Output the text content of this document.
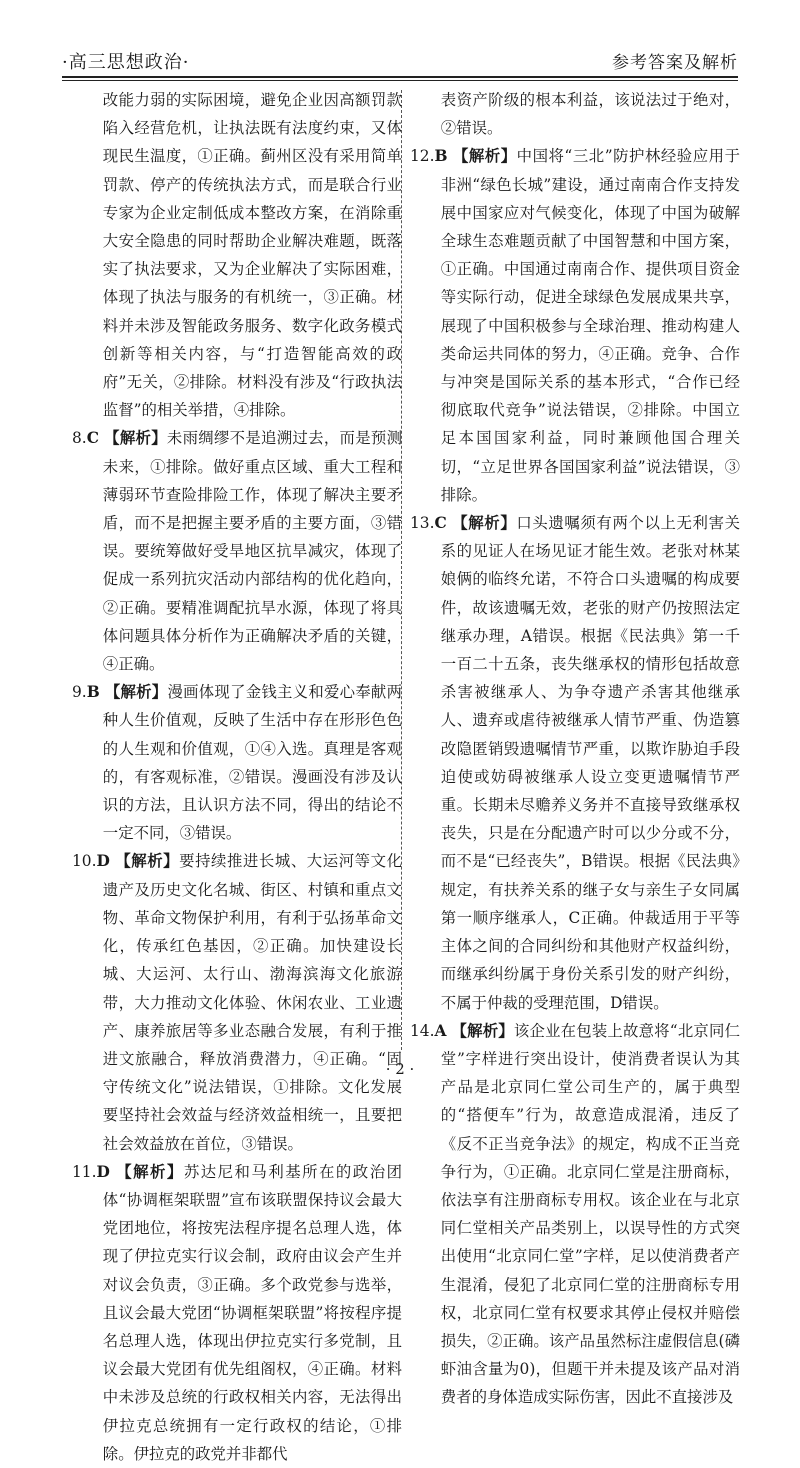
·高三思想政治·	参考答案及解析

改能力弱的实际困境，避免企业因高额罚款陷入经营危机，让执法既有法度约束，又体现民生温度，①正确。蓟州区没有采用简单罚款、停产的传统执法方式，而是联合行业专家为企业定制低成本整改方案，在消除重大安全隐患的同时帮助企业解决难题，既落实了执法要求，又为企业解决了实际困难，体现了执法与服务的有机统一，③正确。材料并未涉及智能政务服务、数字化政务模式创新等相关内容，与“打造智能高效的政府”无关，②排除。材料没有涉及“行政执法监督”的相关举措，④排除。

8.C 【解析】未雨绸缪不是追溯过去，而是预测未来，①排除。做好重点区域、重大工程和薄弱环节查险排险工作，体现了解决主要矛盾，而不是把握主要矛盾的主要方面，③错误。要统筹做好受旱地区抗旱减灾，体现了促成一系列抗灾活动内部结构的优化趋向，②正确。要精准调配抗旱水源，体现了将具体问题具体分析作为正确解决矛盾的关键，④正确。

9.B 【解析】漫画体现了金钱主义和爱心奉献两种人生价值观，反映了生活中存在形形色色的人生观和价值观，①④入选。真理是客观的，有客观标准，②错误。漫画没有涉及认识的方法，且认识方法不同，得出的结论不一定不同，③错误。

10.D 【解析】要持续推进长城、大运河等文化遗产及历史文化名城、街区、村镇和重点文物、革命文物保护利用，有利于弘扬革命文化，传承红色基因，②正确。加快建设长城、大运河、太行山、渤海滨海文化旅游带，大力推动文化体验、休闲农业、工业遗产、康养旅居等多业态融合发展，有利于推进文旅融合，释放消费潜力，④正确。“固守传统文化”说法错误，①排除。文化发展要坚持社会效益与经济效益相统一，且要把社会效益放在首位，③错误。

11.D 【解析】苏达尼和马利基所在的政治团体“协调框架联盟”宣布该联盟保持议会最大党团地位，将按宪法程序提名总理人选，体现了伊拉克实行议会制，政府由议会产生并对议会负责，③正确。多个政党参与选举，且议会最大党团“协调框架联盟”将按程序提名总理人选，体现出伊拉克实行多党制，且议会最大党团有优先组阁权，④正确。材料中未涉及总统的行政权相关内容，无法得出伊拉克总统拥有一定行政权的结论，①排除。伊拉克的政党并非都代

表资产阶级的根本利益，该说法过于绝对，②错误。

12.B 【解析】中国将“三北”防护林经验应用于非洲“绿色长城”建设，通过南南合作支持发展中国家应对气候变化，体现了中国为破解全球生态难题贡献了中国智慧和中国方案，①正确。中国通过南南合作、提供项目资金等实际行动，促进全球绿色发展成果共享，展现了中国积极参与全球治理、推动构建人类命运共同体的努力，④正确。竞争、合作与冲突是国际关系的基本形式，“合作已经彻底取代竞争”说法错误，②排除。中国立足本国国家利益，同时兼顾他国合理关切，“立足世界各国国家利益”说法错误，③排除。

13.C 【解析】口头遗嘱须有两个以上无利害关系的见证人在场见证才能生效。老张对林某娘俩的临终允诺，不符合口头遗嘱的构成要件，故该遗嘱无效，老张的财产仍按照法定继承办理，A错误。根据《民法典》第一千一百二十五条，丧失继承权的情形包括故意杀害被继承人、为争夺遗产杀害其他继承人、遗弃或虐待被继承人情节严重、伪造篡改隐匿销毁遗嘱情节严重，以欺诈胁迫手段迫使或妨碍被继承人设立变更遗嘱情节严重。长期未尽赡养义务并不直接导致继承权丧失，只是在分配遗产时可以少分或不分，而不是“已经丧失”，B错误。根据《民法典》规定，有扶养关系的继子女与亲生子女同属第一顺序继承人，C正确。仲裁适用于平等主体之间的合同纠纷和其他财产权益纠纷，而继承纠纷属于身份关系引发的财产纠纷，不属于仲裁的受理范围，D错误。

14.A 【解析】该企业在包装上故意将“北京同仁堂”字样进行突出设计，使消费者误认为其产品是北京同仁堂公司生产的，属于典型的“搭便车”行为，故意造成混淆，违反了《反不正当竞争法》的规定，构成不正当竞争行为，①正确。北京同仁堂是注册商标，依法享有注册商标专用权。该企业在与北京同仁堂相关产品类别上，以误导性的方式突出使用“北京同仁堂”字样，足以使消费者产生混淆，侵犯了北京同仁堂的注册商标专用权，北京同仁堂有权要求其停止侵权并赔偿损失，②正确。该产品虽然标注虚假信息(磷虾油含量为0)，但题干并未提及该产品对消费者的身体造成实际伤害，因此不直接涉及

· 2 ·
